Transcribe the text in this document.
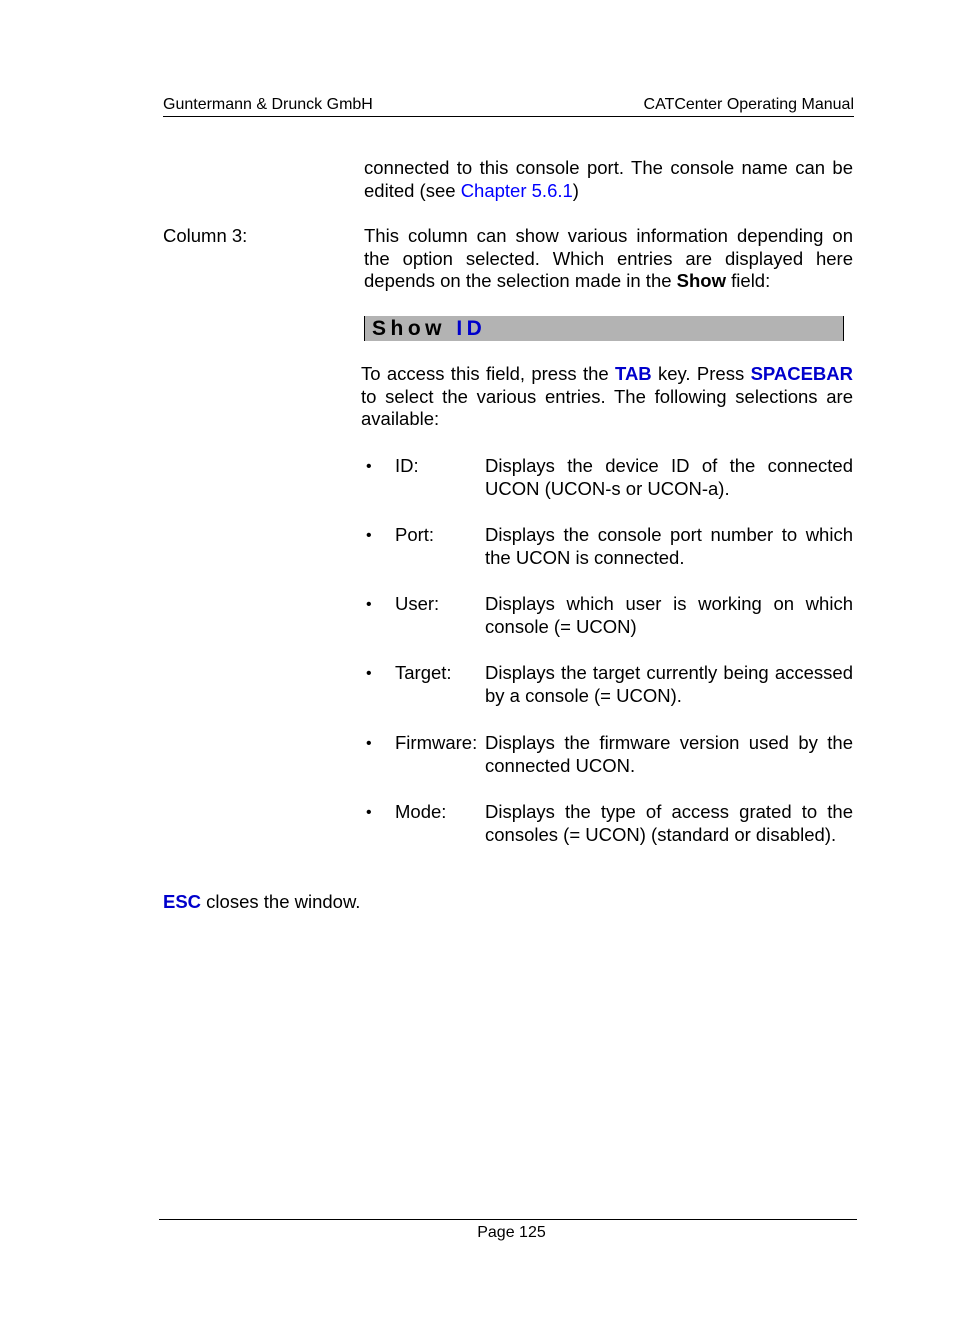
Guntermann & Drunck GmbH	CATCenter Operating Manual
connected to this console port. The console name can be edited (see Chapter 5.6.1)
Column 3:	This column can show various information depending on the option selected. Which entries are displayed here depends on the selection made in the Show field:
Show ID
To access this field, press the TAB key. Press SPACEBAR to select the various entries. The following selections are available:
• ID:	Displays the device ID of the connected UCON (UCON-s or UCON-a).
• Port:	Displays the console port number to which the UCON is connected.
• User: Displays which user is working on which console (= UCON)
• Target: Displays the target currently being accessed by a console (= UCON).
• Firmware: Displays the firmware version used by the connected UCON.
• Mode: Displays the type of access grated to the consoles (= UCON) (standard or disabled).
ESC closes the window.
Page 125
